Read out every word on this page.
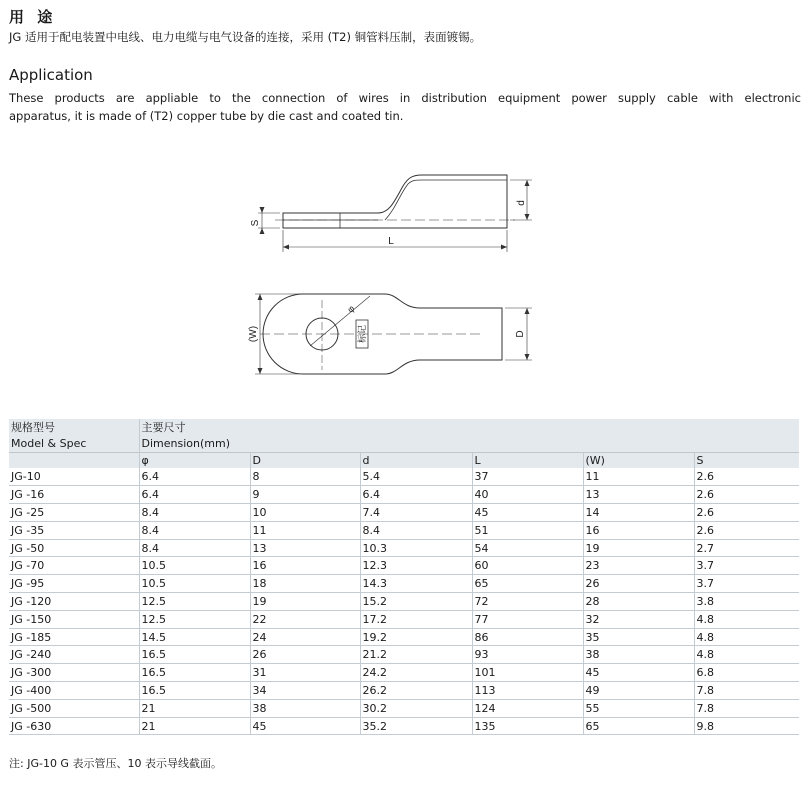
用 途
JG 适用于配电装置中电线、电力电缆与电气设备的连接，采用 (T2) 铜管料压制，表面镀锡。
Application
These products are appliable to the connection of wires in distribution equipment power supply cable with electronic
apparatus, it is made of (T2) copper tube by die cast and coated tin.
S
d
L
(W)
φ
标记	D
规格型号	主要尺寸					
Model & Spec	Dimension(mm)					
	φ	D	d	L	(W)	S
JG-10	6.4	8	5.4	37	11	2.6
JG -16	6.4	9	6.4	40	13	2.6
JG -25	8.4	10	7.4	45	14	2.6
JG -35	8.4	11	8.4	51	16	2.6
JG -50	8.4	13	10.3	54	19	2.7
JG -70	10.5	16	12.3	60	23	3.7
JG -95	10.5	18	14.3	65	26	3.7
JG -120	12.5	19	15.2	72	28	3.8
JG -150	12.5	22	17.2	77	32	4.8
JG -185	14.5	24	19.2	86	35	4.8
JG -240	16.5	26	21.2	93	38	4.8
JG -300	16.5	31	24.2	101	45	6.8
JG -400	16.5	34	26.2	113	49	7.8
JG -500	21	38	30.2	124	55	7.8
JG -630	21	45	35.2	135	65	9.8
注: JG-10 G 表示管压、10 表示导线截面。
